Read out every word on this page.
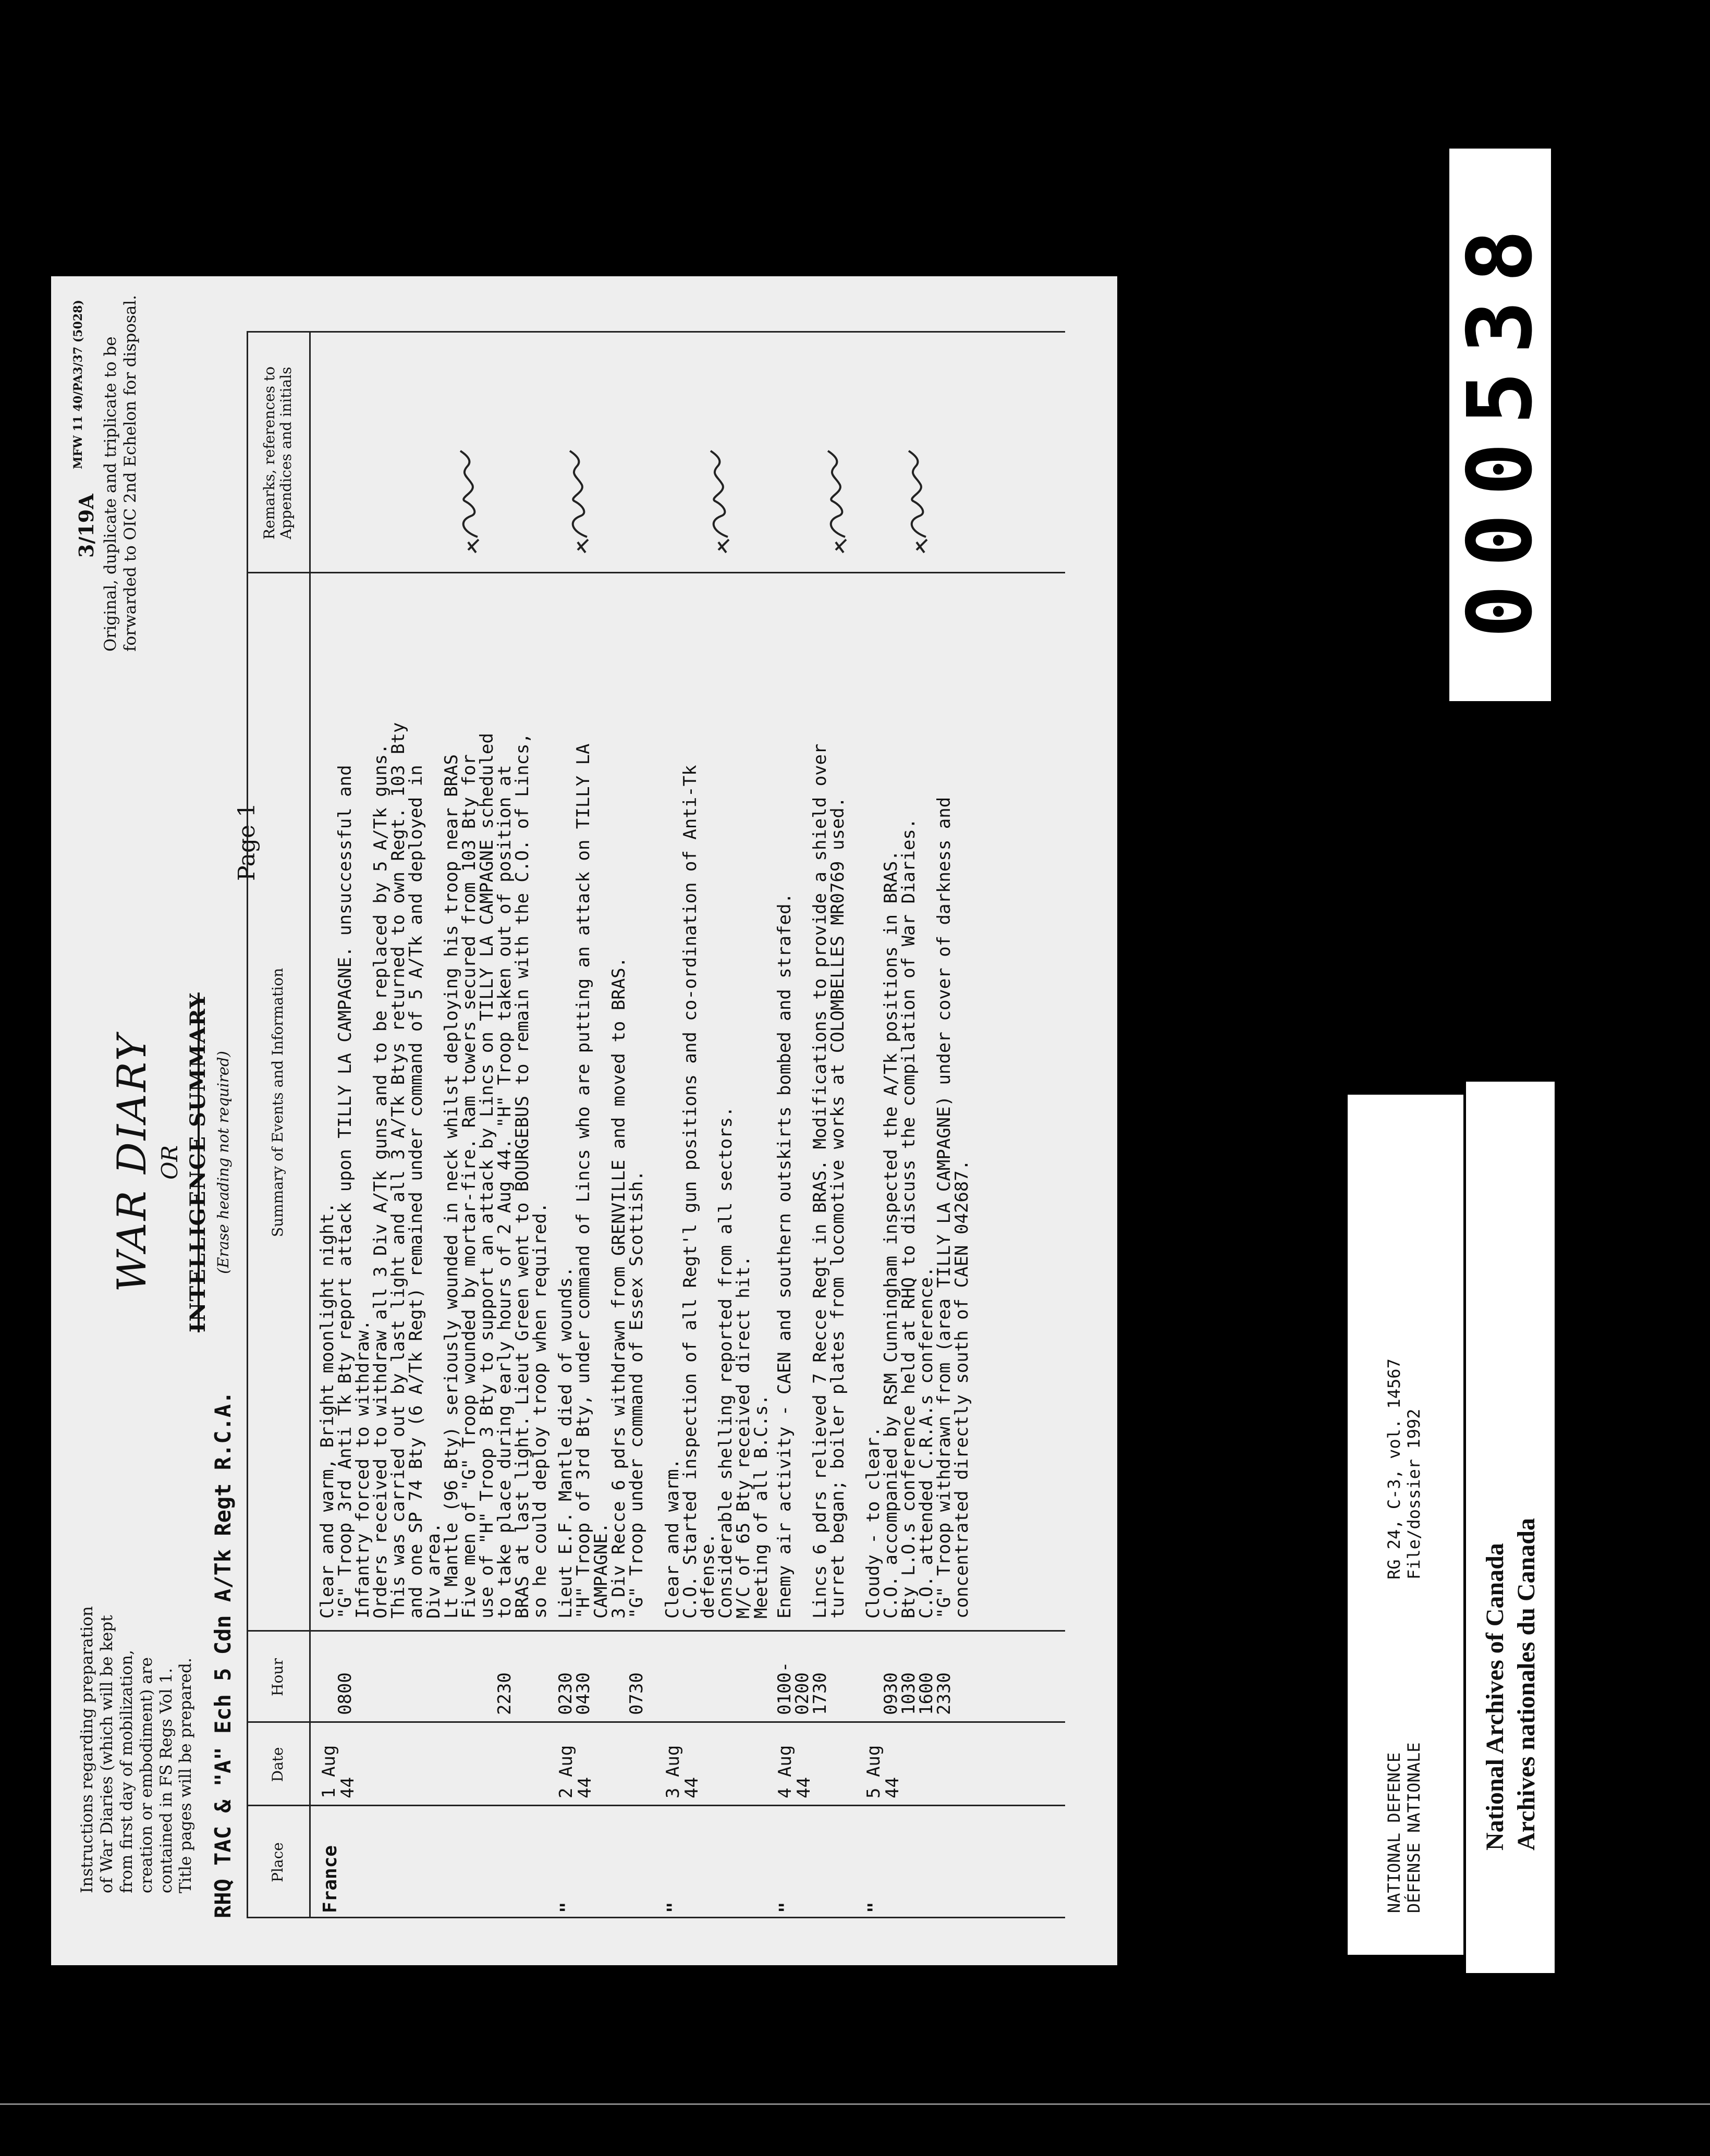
Instructions regarding preparation of War Diaries (which will be kept from first day of mobilization, creation or embodiment) are contained in FS Regs Vol 1. Title pages will be prepared. RHQ TAC & "A" Ech 5 Cdn A/Tk Regt R.C.A.
WAR DIARY OR INTELLIGENCE SUMMARY (Erase heading not required)
Page 1
3/19A
MFW 11 40/PA3/37 (5028) Original, duplicate and triplicate to be forwarded to OIC 2nd Echelon for disposal.
Place
Date
Hour
Summary of Events and Information
Remarks, references to Appendices and initials
France
1 Aug 44
0800

2230
Clear and warm, Bright moonlight night.
"G" Troop 3rd Anti Tk Bty report attack upon TILLY LA CAMPAGNE. unsuccessful and
Infantry forced to withdraw.
Orders received to withdraw all 3 Div A/Tk guns and to be replaced by 5 A/Tk guns.
This was carried out by last light and all 3 A/Tk Btys returned to own Regt. 103 Bty
and one SP 74 Bty (6 A/Tk Regt) remained under command of 5 A/Tk and deployed in
Div area.
Lt Mantle (96 Bty) seriously wounded in neck whilst deploying his troop near BRAS
Five men of "G" Troop wounded by mortar-fire. Ram towers secured from 103 Bty for
use of "H" Troop 3 Bty to support an attack by Lincs on TILLY LA CAMPAGNE scheduled
to take place during early hours of 2 Aug 44. "H" Troop taken out of position at
BRAS at last light. Lieut Green went to BOURGEBUS to remain with the C.O. of Lincs,
so he could deploy troop when required.
"
2 Aug 44
0230
0430

0730
Lieut E.F. Mantle died of wounds.
"H" Troop of 3rd Bty, under command of Lincs who are putting an attack on TILLY LA
CAMPAGNE.
3 Div Recce 6 pdrs withdrawn from GRENVILLE and moved to BRAS.
"G" Troop under command of Essex Scottish.
"
3 Aug 44
Clear and warm.
C.O. Started inspection of all Regt'l gun positions and co-ordination of Anti-Tk
defense.
Considerable shelling reported from all sectors.
M/C of 65 Bty received direct hit.
Meeting of all B.C.s.
"
4 Aug 44
0100-
0200
1730
Enemy air activity - CAEN and southern outskirts bombed and strafed.

Lincs 6 pdrs relieved 7 Recce Regt in BRAS. Modifications to provide a shield over
turret began; boiler plates from locomotive works at COLOMBELLES MR0769 used.
"
5 Aug 44

0930
1030
1600
2330
Cloudy - to clear.
C.O. accompanied by RSM Cunningham inspected the A/Tk positions in BRAS.
Bty L.O.s conference held at RHQ to discuss the compilation of War Diaries.
C.O. attended C.R.A.s conference.
"G" Troop withdrawn from (area TILLY LA CAMPAGNE) under cover of darkness and
concentrated directly south of CAEN 042687.
NATIONAL DEFENCE DÉFENSE NATIONALE
RG 24, C-3, vol. 14567 File/dossier 1992
National Archives of Canada Archives nationales du Canada
000538
